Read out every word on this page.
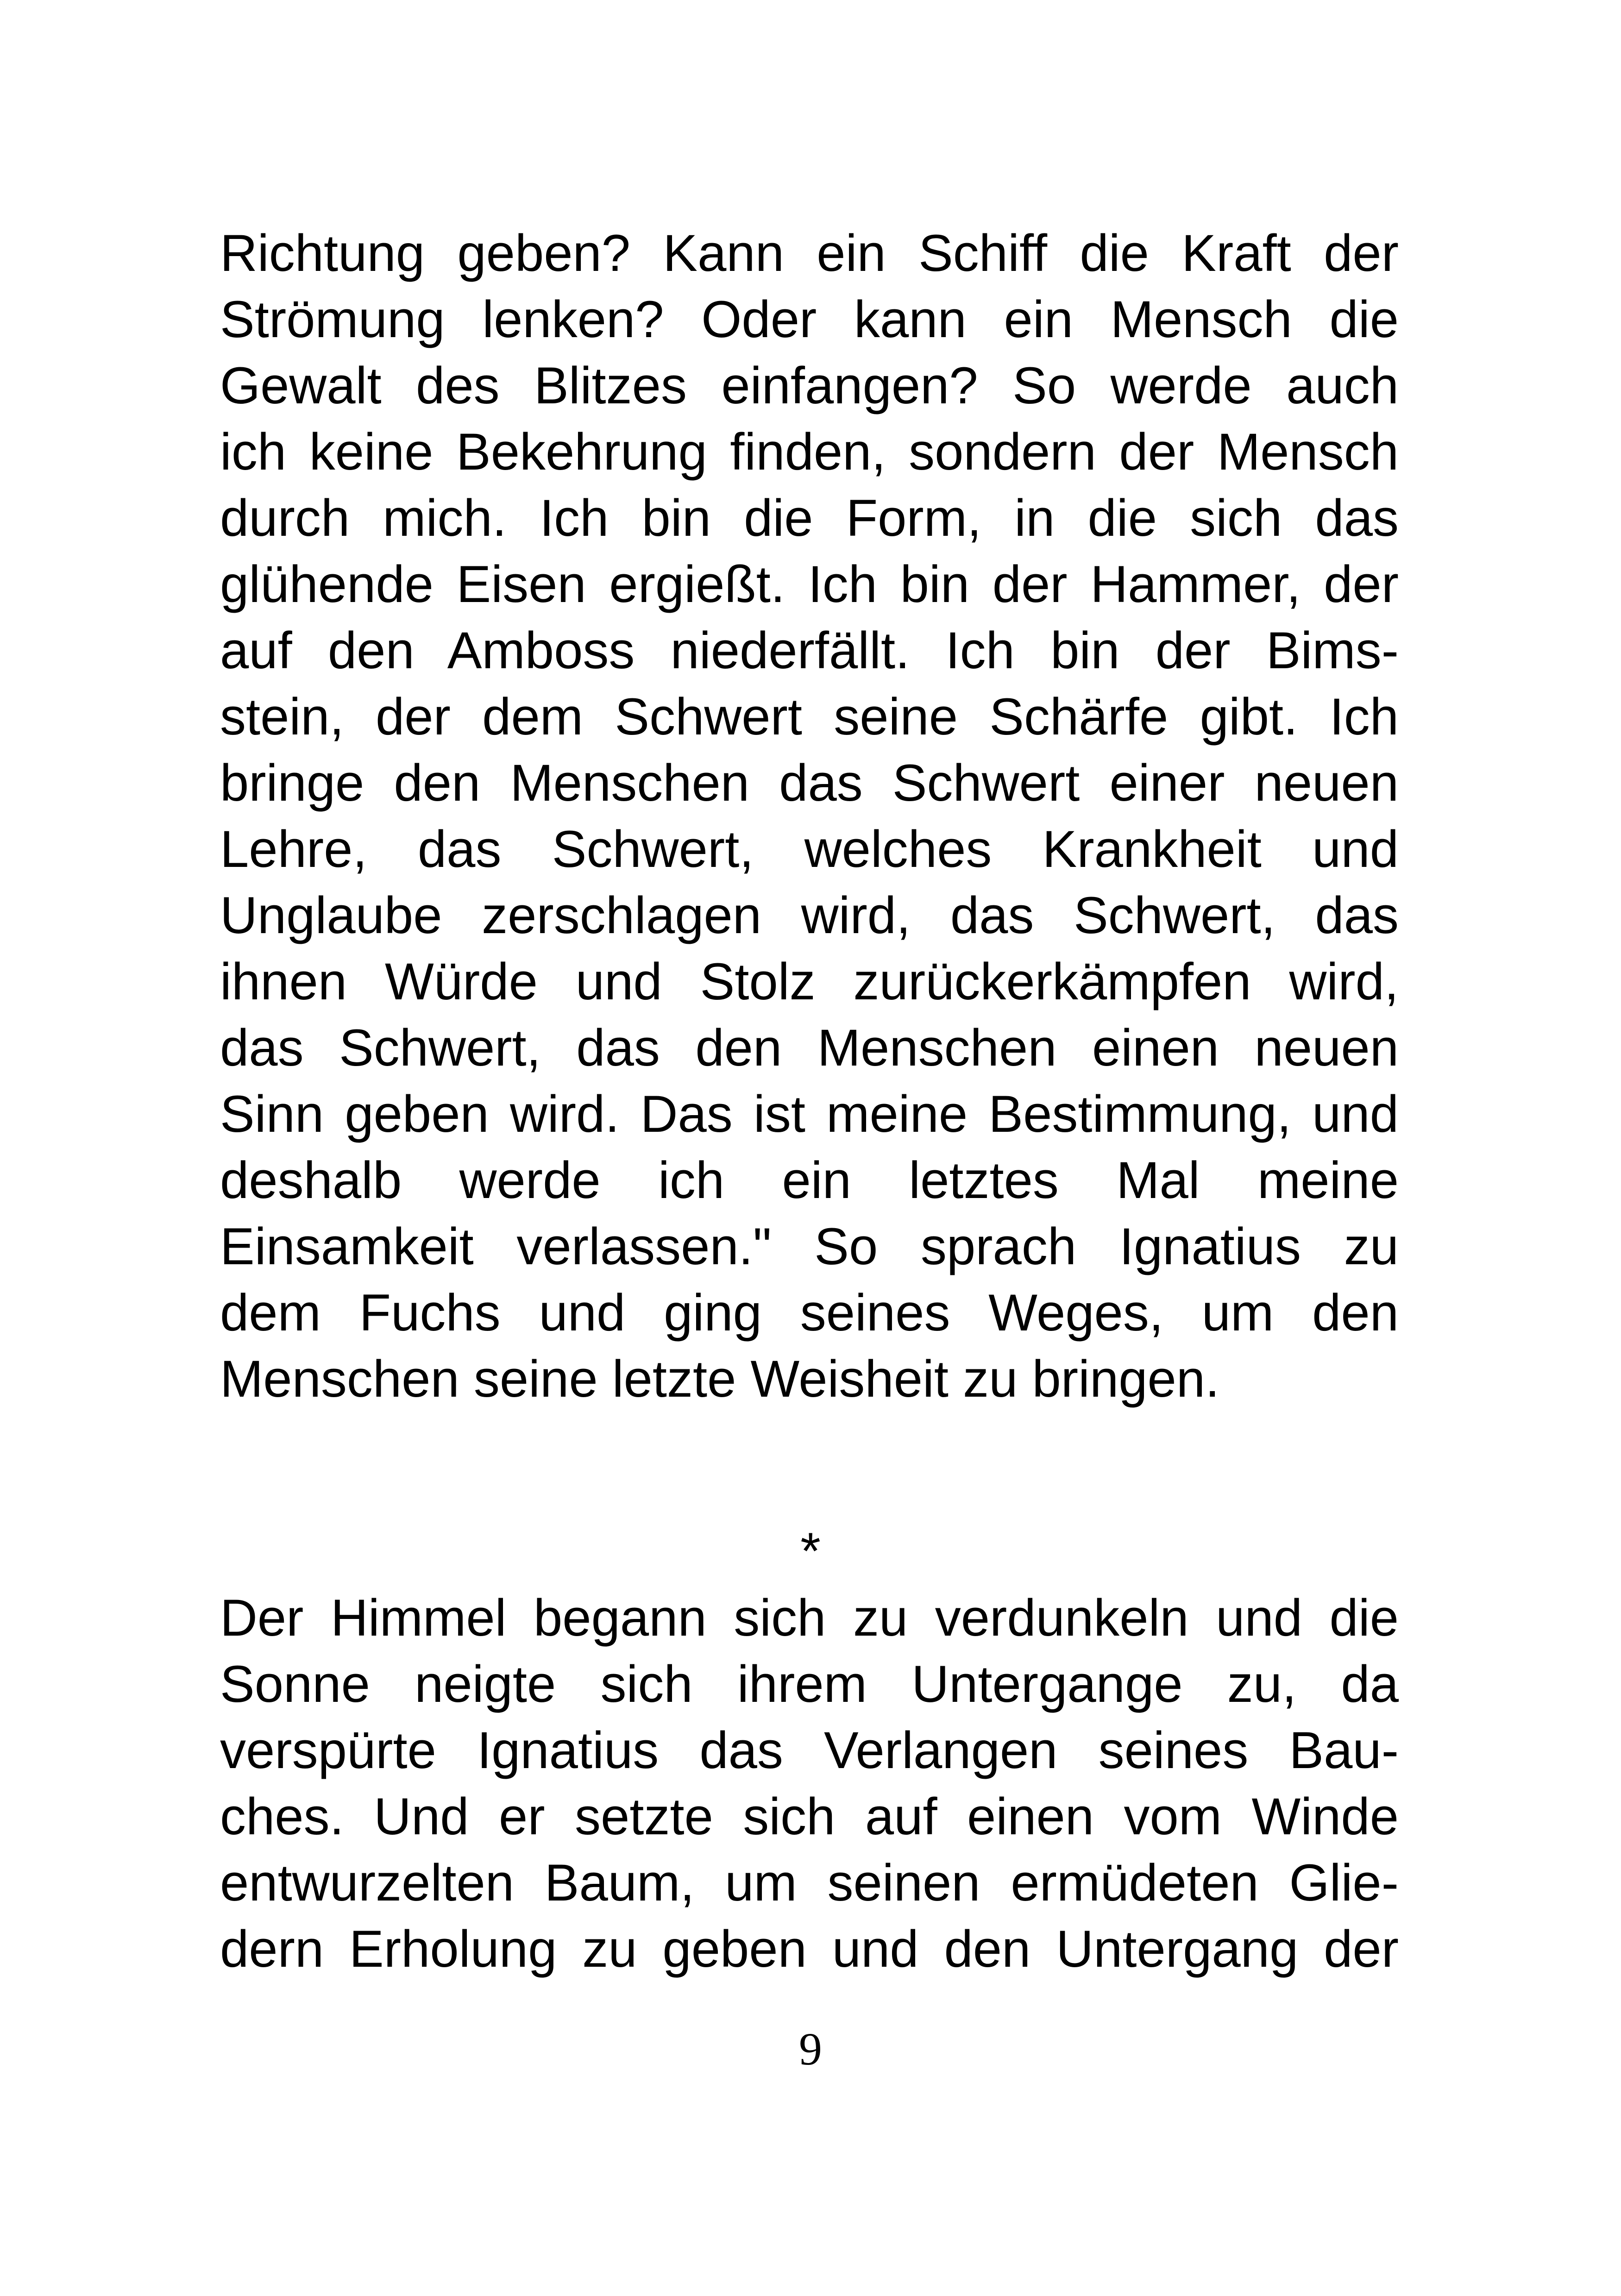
Richtung geben? Kann ein Schiff die Kraft der
Strömung lenken? Oder kann ein Mensch die
Gewalt des Blitzes einfangen? So werde auch
ich keine Bekehrung finden, sondern der Mensch
durch mich. Ich bin die Form, in die sich das
glühende Eisen ergießt. Ich bin der Hammer, der
auf den Amboss niederfällt. Ich bin der Bims-
stein, der dem Schwert seine Schärfe gibt. Ich
bringe den Menschen das Schwert einer neuen
Lehre, das Schwert, welches Krankheit und
Unglaube zerschlagen wird, das Schwert, das
ihnen Würde und Stolz zurückerkämpfen wird,
das Schwert, das den Menschen einen neuen
Sinn geben wird. Das ist meine Bestimmung, und
deshalb werde ich ein letztes Mal meine
Einsamkeit verlassen." So sprach Ignatius zu
dem Fuchs und ging seines Weges, um den
Menschen seine letzte Weisheit zu bringen.
*
Der Himmel begann sich zu verdunkeln und die
Sonne neigte sich ihrem Untergange zu, da
verspürte Ignatius das Verlangen seines Bau-
ches. Und er setzte sich auf einen vom Winde
entwurzelten Baum, um seinen ermüdeten Glie-
dern Erholung zu geben und den Untergang der
9
